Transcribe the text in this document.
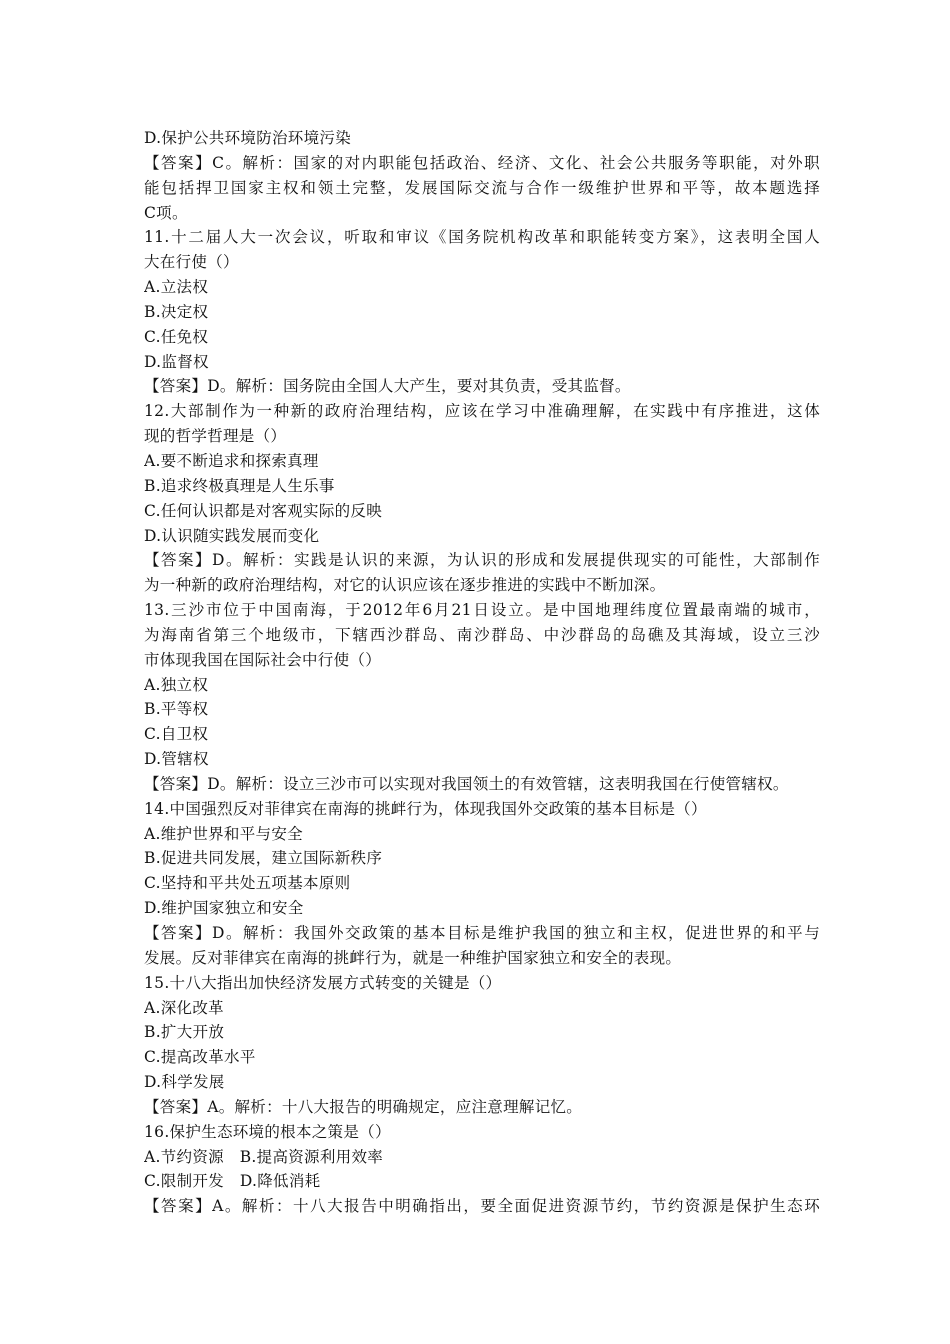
D.保护公共环境防治环境污染
【答案】C。解析：国家的对内职能包括政治、经济、文化、社会公共服务等职能，对外职
能包括捍卫国家主权和领土完整，发展国际交流与合作一级维护世界和平等，故本题选择
C项。
11.十二届人大一次会议，听取和审议《国务院机构改革和职能转变方案》，这表明全国人
大在行使（）
A.立法权
B.决定权
C.任免权
D.监督权
【答案】D。解析：国务院由全国人大产生，要对其负责，受其监督。
12.大部制作为一种新的政府治理结构，应该在学习中准确理解，在实践中有序推进，这体
现的哲学哲理是（）
A.要不断追求和探索真理
B.追求终极真理是人生乐事
C.任何认识都是对客观实际的反映
D.认识随实践发展而变化
【答案】D。解析：实践是认识的来源，为认识的形成和发展提供现实的可能性，大部制作
为一种新的政府治理结构，对它的认识应该在逐步推进的实践中不断加深。
13.三沙市位于中国南海，于2012年6月21日设立。是中国地理纬度位置最南端的城市，
为海南省第三个地级市，下辖西沙群岛、南沙群岛、中沙群岛的岛礁及其海域，设立三沙
市体现我国在国际社会中行使（）
A.独立权
B.平等权
C.自卫权
D.管辖权
【答案】D。解析：设立三沙市可以实现对我国领土的有效管辖，这表明我国在行使管辖权。
14.中国强烈反对菲律宾在南海的挑衅行为，体现我国外交政策的基本目标是（）
A.维护世界和平与安全
B.促进共同发展，建立国际新秩序
C.坚持和平共处五项基本原则
D.维护国家独立和安全
【答案】D。解析：我国外交政策的基本目标是维护我国的独立和主权，促进世界的和平与
发展。反对菲律宾在南海的挑衅行为，就是一种维护国家独立和安全的表现。
15.十八大指出加快经济发展方式转变的关键是（）
A.深化改革
B.扩大开放
C.提高改革水平
D.科学发展
【答案】A。解析：十八大报告的明确规定，应注意理解记忆。
16.保护生态环境的根本之策是（）
A.节约资源　B.提高资源利用效率
C.限制开发　D.降低消耗
【答案】A。解析：十八大报告中明确指出，要全面促进资源节约，节约资源是保护生态环
